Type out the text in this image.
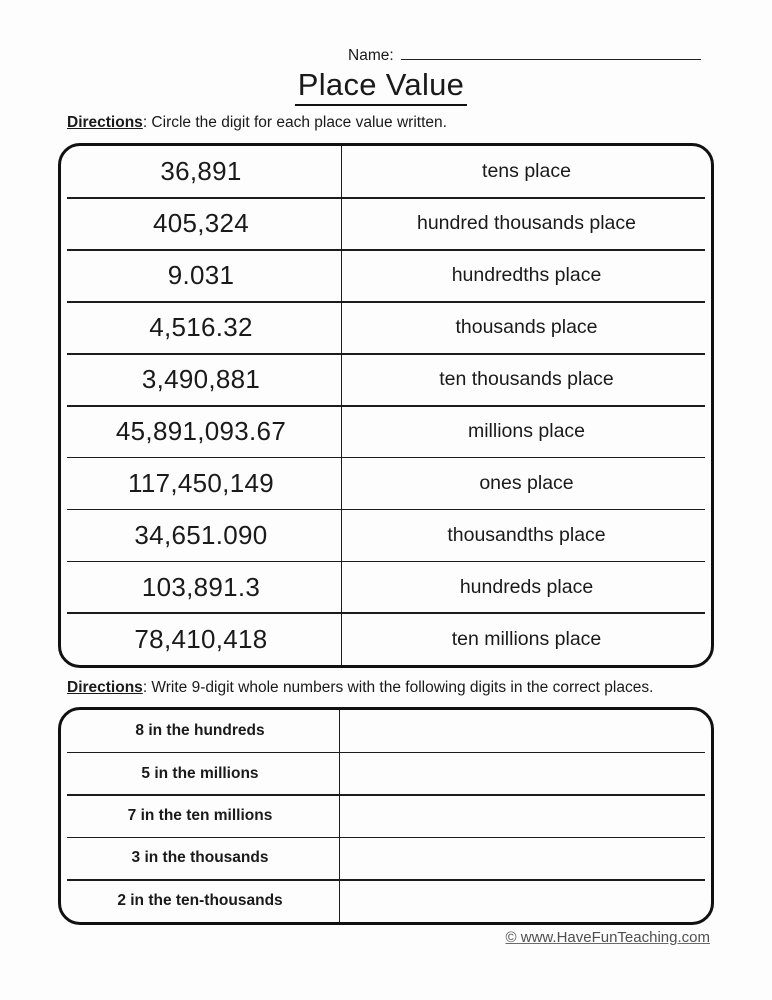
Name:
Place Value
Directions: Circle the digit for each place value written.
36,891	tens place
405,324	hundred thousands place
9.031	hundredths place
4,516.32	thousands place
3,490,881	ten thousands place
45,891,093.67	millions place
117,450,149	ones place
34,651.090	thousandths place
103,891.3	hundreds place
78,410,418	ten millions place
Directions: Write 9-digit whole numbers with the following digits in the correct places.
8 in the hundreds
5 in the millions
7 in the ten millions
3 in the thousands
2 in the ten-thousands
© www.HaveFunTeaching.com
